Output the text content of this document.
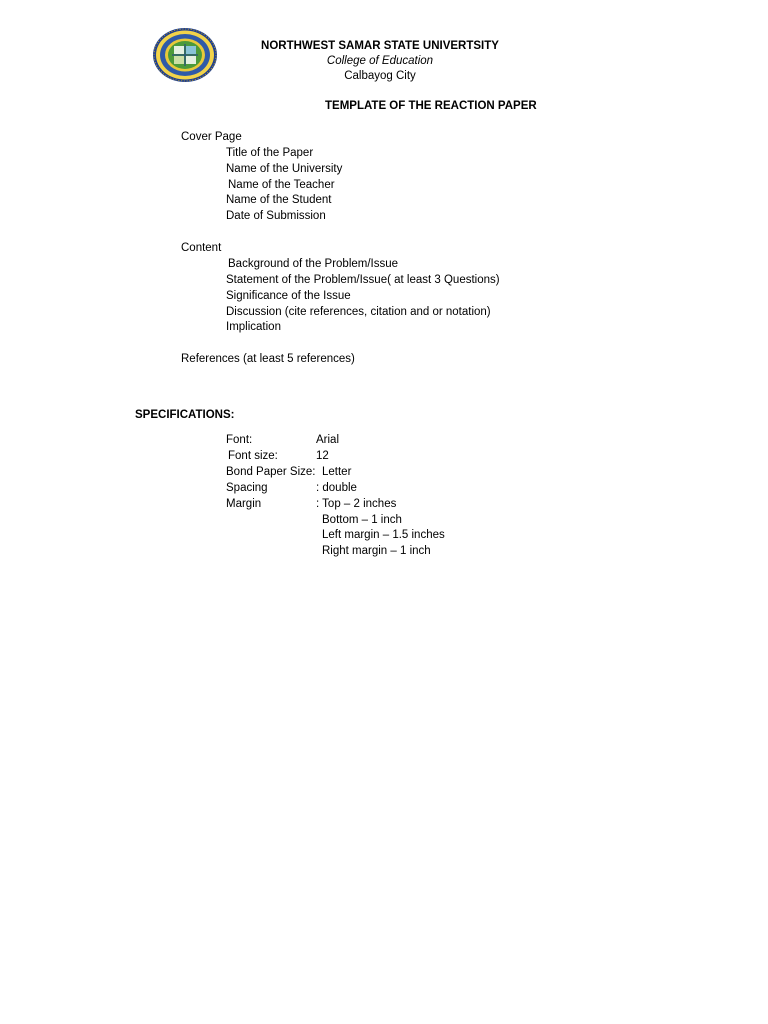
NORTHWEST SAMAR STATE UNIVERTSITY
College of Education
Calbayog City
TEMPLATE OF THE REACTION PAPER
Cover Page
Title of the Paper
Name of the University
Name of the Teacher
Name of the Student
Date of Submission
Content
Background of the Problem/Issue
Statement of the Problem/Issue( at least 3 Questions)
Significance of the Issue
Discussion (cite references, citation and or notation)
Implication
References (at least 5 references)
SPECIFICATIONS:
Font:	Arial
Font size:	12
Bond Paper Size: Letter
Spacing	: double
Margin	: Top – 2 inches
Bottom – 1 inch
Left margin – 1.5 inches
Right margin – 1 inch
